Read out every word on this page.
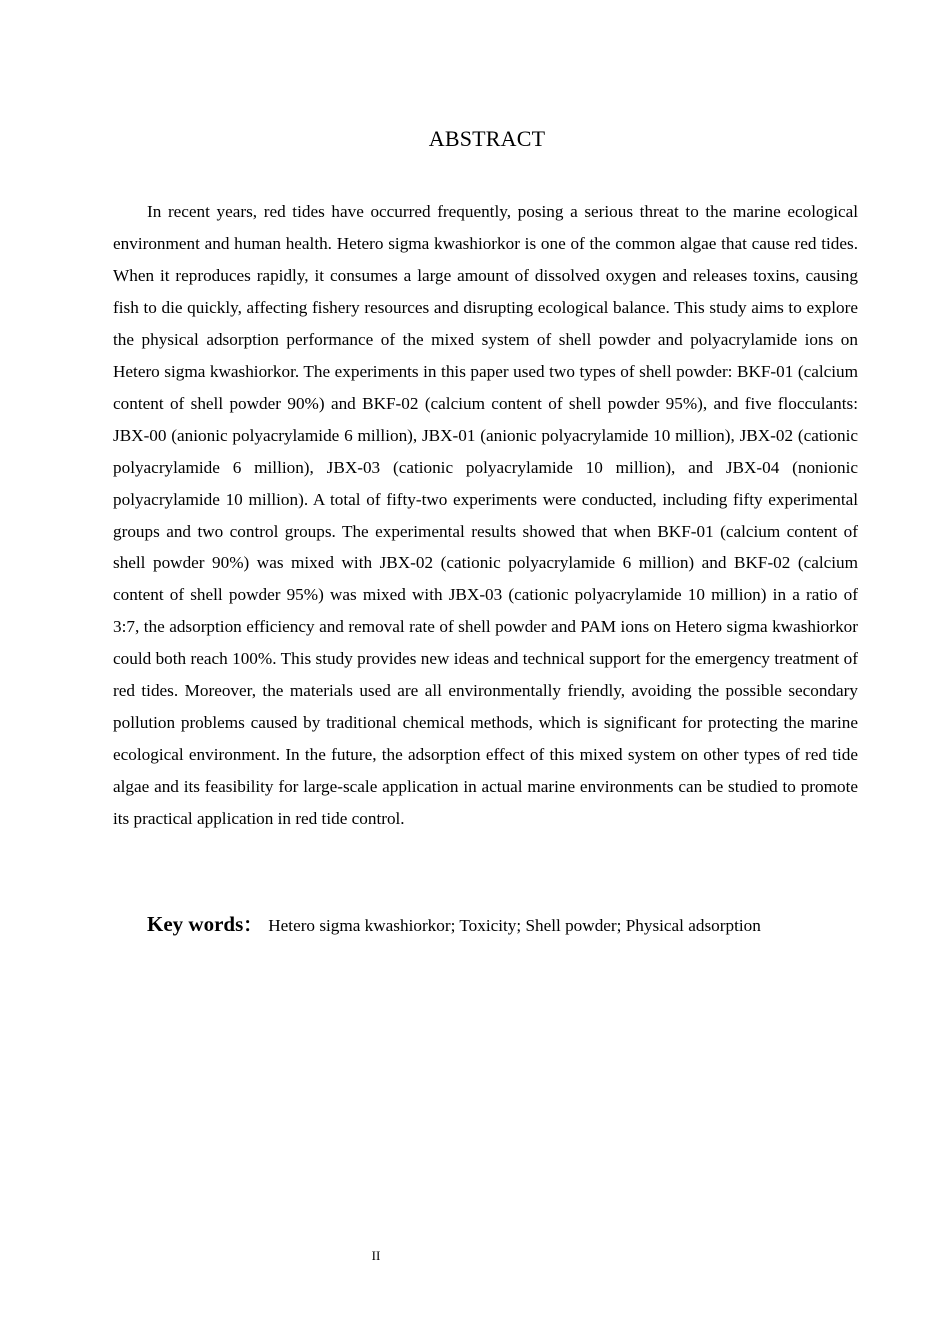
ABSTRACT

In recent years, red tides have occurred frequently, posing a serious threat to the marine ecological environment and human health. Hetero sigma kwashiorkor is one of the common algae that cause red tides. When it reproduces rapidly, it consumes a large amount of dissolved oxygen and releases toxins, causing fish to die quickly, affecting fishery resources and disrupting ecological balance. This study aims to explore the physical adsorption performance of the mixed system of shell powder and polyacrylamide ions on Hetero sigma kwashiorkor. The experiments in this paper used two types of shell powder: BKF-01 (calcium content of shell powder 90%) and BKF-02 (calcium content of shell powder 95%), and five flocculants: JBX-00 (anionic polyacrylamide 6 million), JBX-01 (anionic polyacrylamide 10 million), JBX-02 (cationic polyacrylamide 6 million), JBX-03 (cationic polyacrylamide 10 million), and JBX-04 (nonionic polyacrylamide 10 million). A total of fifty-two experiments were conducted, including fifty experimental groups and two control groups. The experimental results showed that when BKF-01 (calcium content of shell powder 90%) was mixed with JBX-02 (cationic polyacrylamide 6 million) and BKF-02 (calcium content of shell powder 95%) was mixed with JBX-03 (cationic polyacrylamide 10 million) in a ratio of 3:7, the adsorption efficiency and removal rate of shell powder and PAM ions on Hetero sigma kwashiorkor could both reach 100%. This study provides new ideas and technical support for the emergency treatment of red tides. Moreover, the materials used are all environmentally friendly, avoiding the possible secondary pollution problems caused by traditional chemical methods, which is significant for protecting the marine ecological environment. In the future, the adsorption effect of this mixed system on other types of red tide algae and its feasibility for large-scale application in actual marine environments can be studied to promote its practical application in red tide control.

Key words： Hetero sigma kwashiorkor; Toxicity; Shell powder; Physical adsorption

II
